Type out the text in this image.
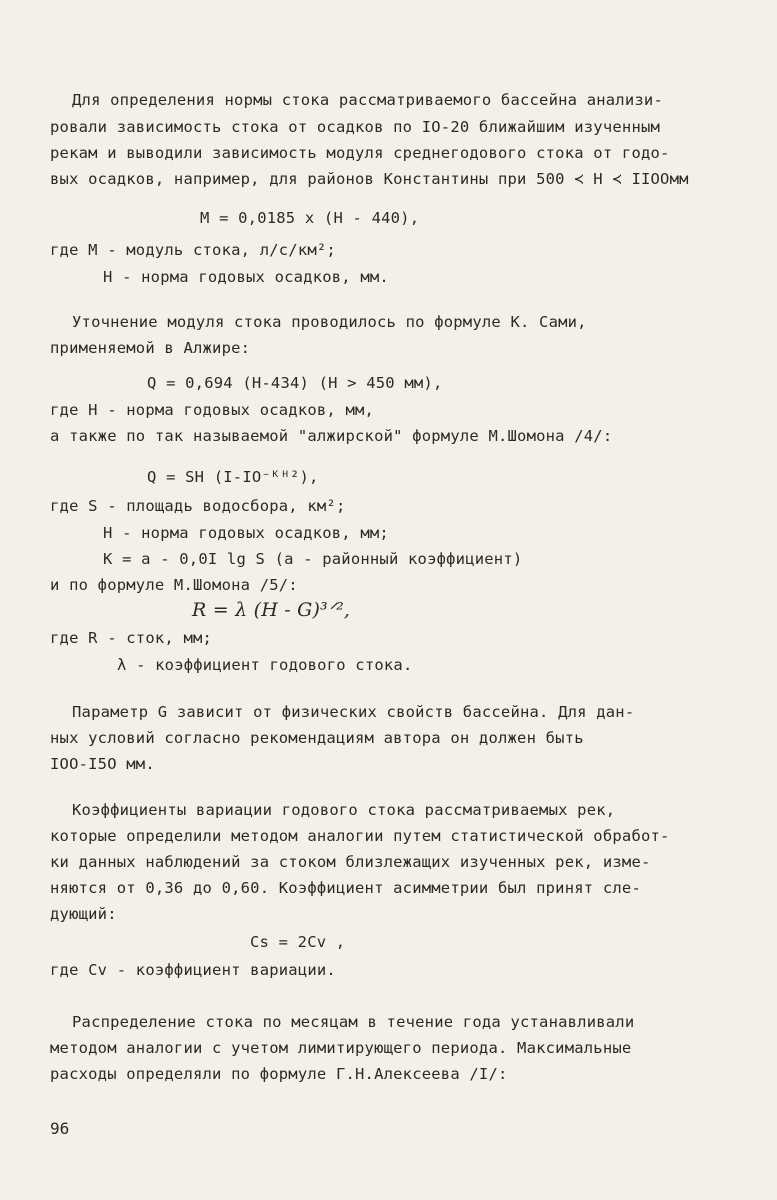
Для определения нормы стока рассматриваемого бассейна анализи-
ровали зависимость стока от осадков по IO-20 ближайшим изученным
рекам и выводили зависимость модуля среднегодового стока от годо-
вых осадков, например, для районов Константины при 500 ≺ H ≺ IIOOмм
M = 0,0185 x (H - 440),
где M - модуль стока, л/с/км²;
H - норма годовых осадков, мм.
Уточнение модуля стока проводилось по формуле К. Сами,
применяемой в Алжире:
Q = 0,694 (H-434) (H > 450 мм),
где H - норма годовых осадков, мм,
а также по так называемой "алжирской" формуле М.Шомона /4/:
Q = SH (I-IO⁻ᴷᴴ²),
где S - площадь водосбора, км²;
H - норма годовых осадков, мм;
K = a - 0,0I lg S (а - районный коэффициент)
и по формуле М.Шомона /5/:
R = λ (H - G)³ᐟ²,
где R - сток, мм;
λ - коэффициент годового стока.
Параметр G зависит от физических свойств бассейна. Для дан-
ных условий согласно рекомендациям автора он должен быть
IOO-I5O мм.
Коэффициенты вариации годового стока рассматриваемых рек,
которые определили методом аналогии путем статистической обработ-
ки данных наблюдений за стоком близлежащих изученных рек, изме-
няются от 0,36 до 0,60. Коэффициент асимметрии был принят сле-
дующий:
Cs = 2Cv ,
где Cv - коэффициент вариации.
Распределение стока по месяцам в течение года устанавливали
методом аналогии с учетом лимитирующего периода. Максимальные
расходы определяли по формуле Г.Н.Алексеева /I/:
96
